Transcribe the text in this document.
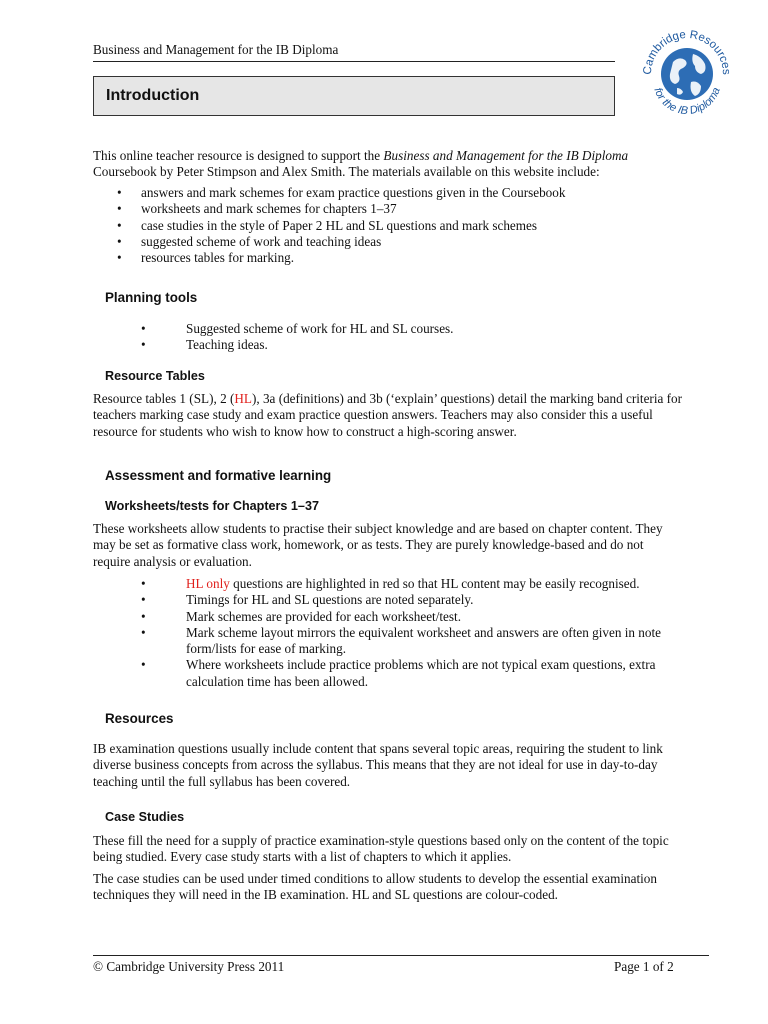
Business and Management for the IB Diploma
Cambridge Resources
for the IB Diploma
Introduction
This online teacher resource is designed to support the Business and Management for the IB Diploma
Coursebook by Peter Stimpson and Alex Smith. The materials available on this website include:
• answers and mark schemes for exam practice questions given in the Coursebook
• worksheets and mark schemes for chapters 1–37
• case studies in the style of Paper 2 HL and SL questions and mark schemes
• suggested scheme of work and teaching ideas
• resources tables for marking.
Planning tools
• Suggested scheme of work for HL and SL courses.
• Teaching ideas.
Resource Tables
Resource tables 1 (SL), 2 (HL), 3a (definitions) and 3b (‘explain’ questions) detail the marking band criteria for teachers marking case study and exam practice question answers. Teachers may also consider this a useful resource for students who wish to know how to construct a high-scoring answer.
Assessment and formative learning
Worksheets/tests for Chapters 1–37
These worksheets allow students to practise their subject knowledge and are based on chapter content. They may be set as formative class work, homework, or as tests. They are purely knowledge-based and do not require analysis or evaluation.
• HL only questions are highlighted in red so that HL content may be easily recognised.
• Timings for HL and SL questions are noted separately.
• Mark schemes are provided for each worksheet/test.
• Mark scheme layout mirrors the equivalent worksheet and answers are often given in note form/lists for ease of marking.
• Where worksheets include practice problems which are not typical exam questions, extra calculation time has been allowed.
Resources
IB examination questions usually include content that spans several topic areas, requiring the student to link diverse business concepts from across the syllabus. This means that they are not ideal for use in day-to-day teaching until the full syllabus has been covered.
Case Studies
These fill the need for a supply of practice examination-style questions based only on the content of the topic being studied. Every case study starts with a list of chapters to which it applies.
The case studies can be used under timed conditions to allow students to develop the essential examination techniques they will need in the IB examination. HL and SL questions are colour-coded.
© Cambridge University Press 2011	Page 1 of 2
